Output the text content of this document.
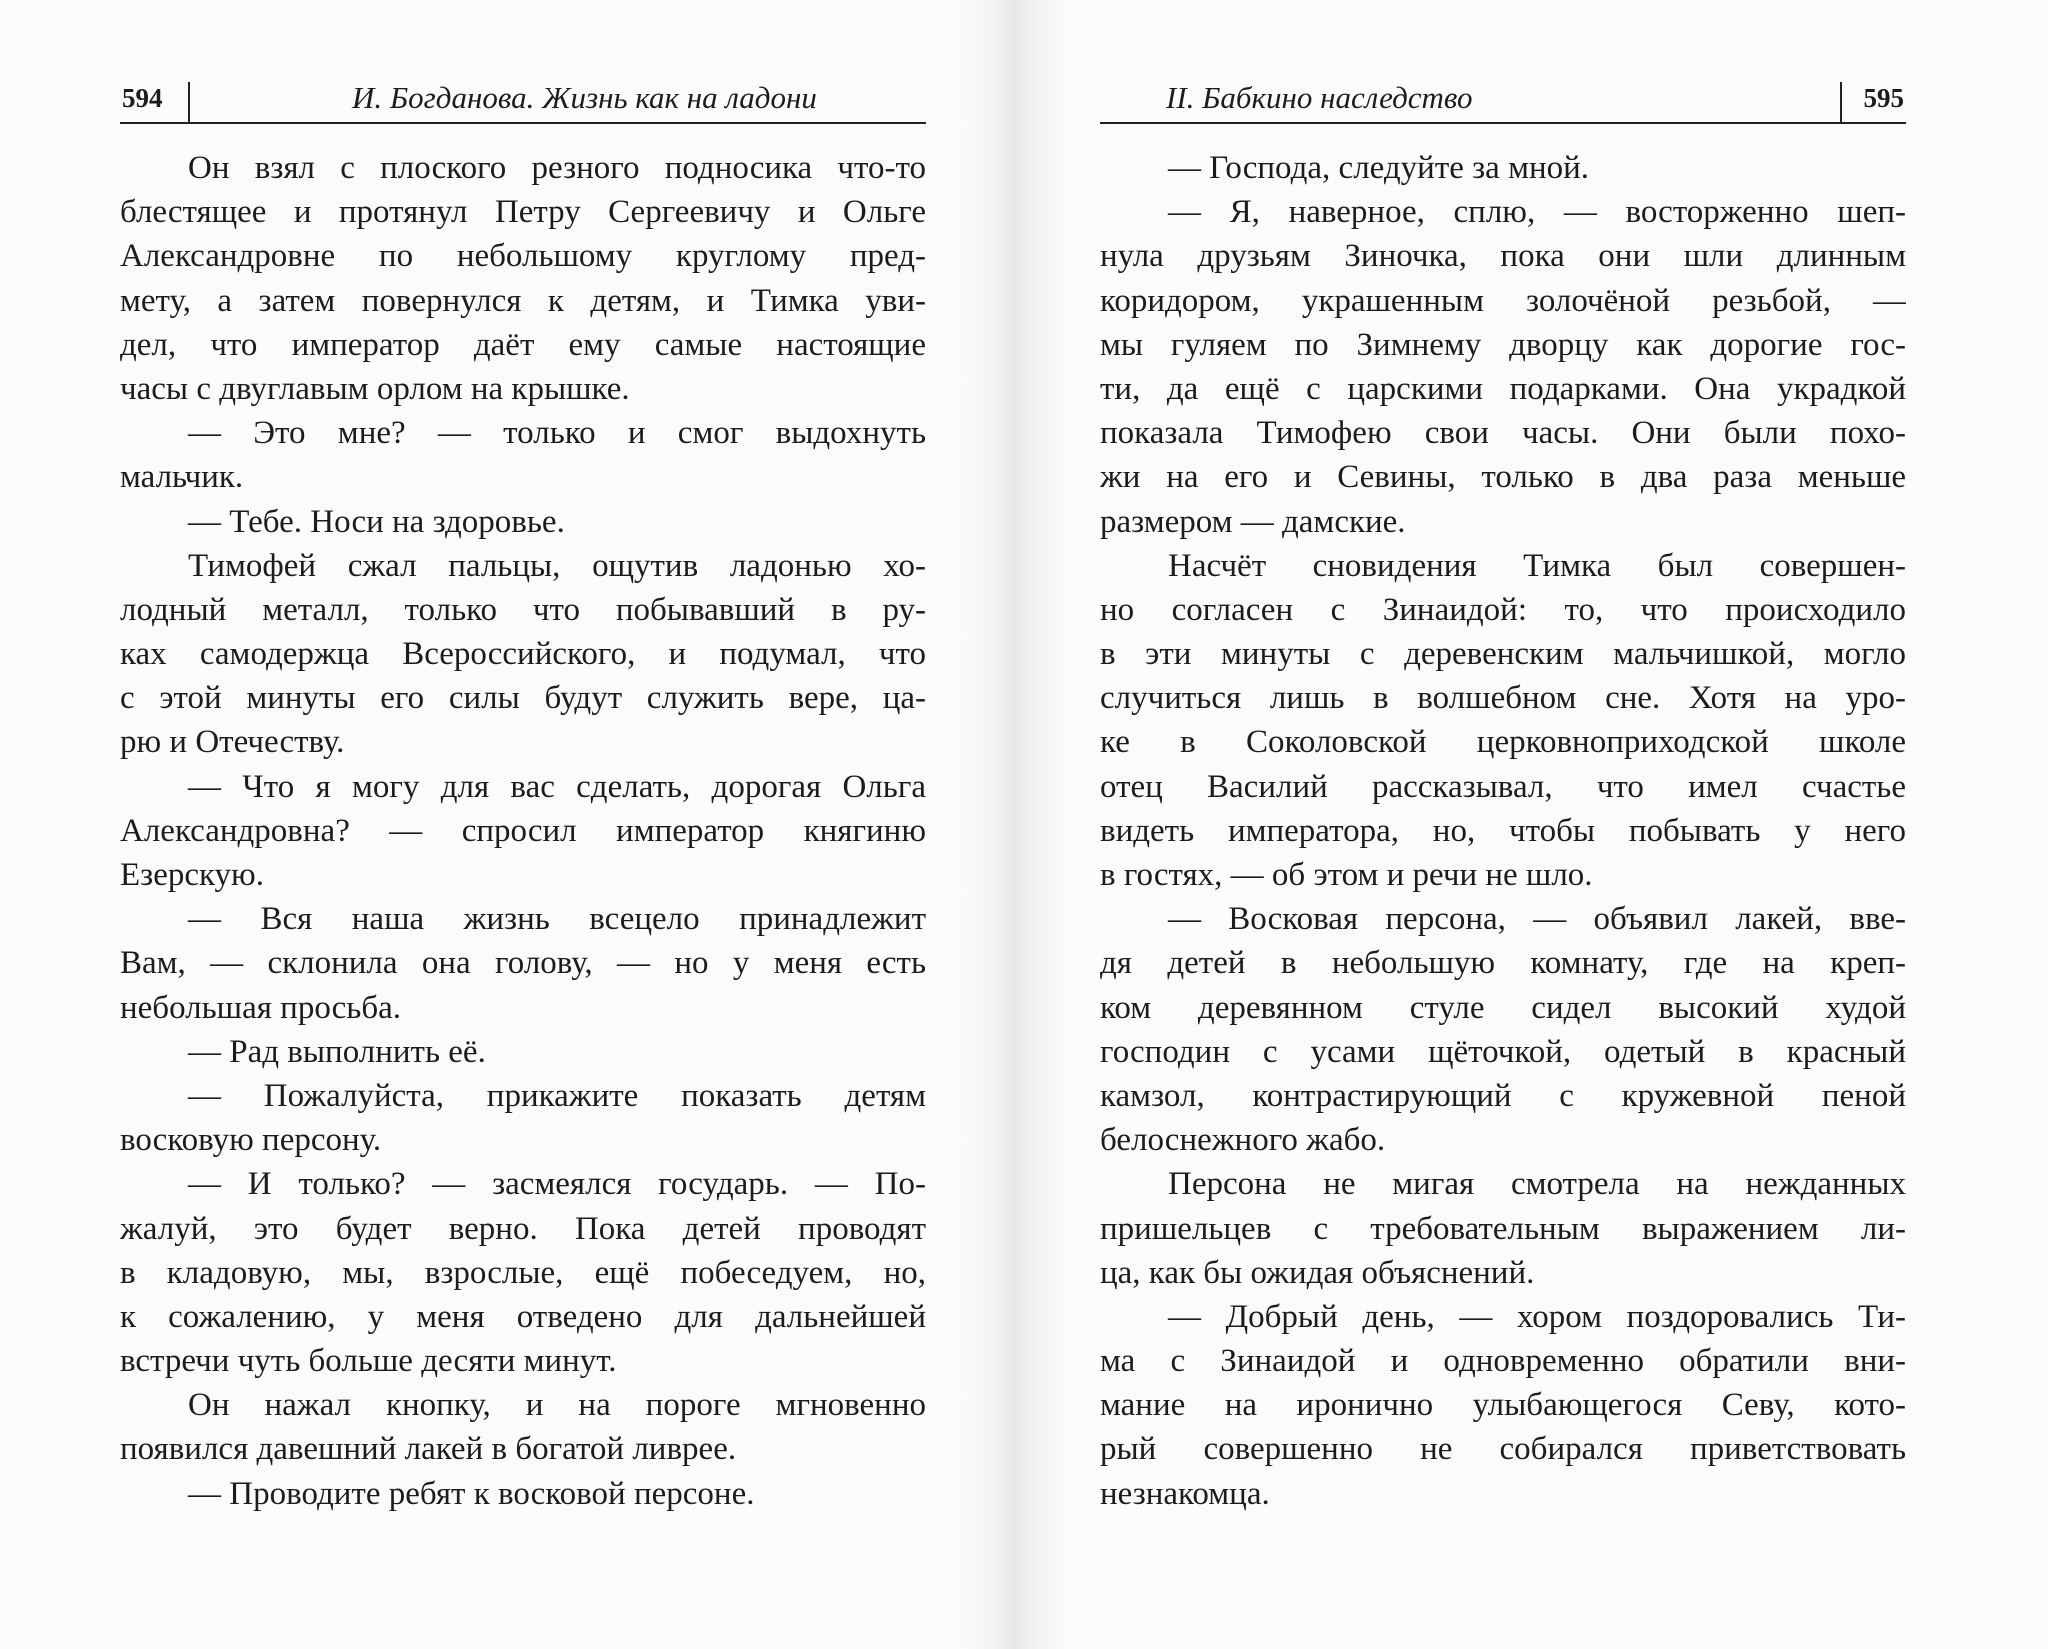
594	И. Богданова. Жизнь как на ладони
Он взял с плоского резного подносика что-то
блестящее и протянул Петру Сергеевичу и Ольге
Александровне по небольшому круглому пред-
мету, а затем повернулся к детям, и Тимка уви-
дел, что император даёт ему самые настоящие
часы с двуглавым орлом на крышке.
— Это мне? — только и смог выдохнуть
мальчик.
— Тебе. Носи на здоровье.
Тимофей сжал пальцы, ощутив ладонью хо-
лодный металл, только что побывавший в ру-
ках самодержца Всероссийского, и подумал, что
с этой минуты его силы будут служить вере, ца-
рю и Отечеству.
— Что я могу для вас сделать, дорогая Ольга
Александровна? — спросил император княгиню
Езерскую.
— Вся наша жизнь всецело принадлежит
Вам, — склонила она голову, — но у меня есть
небольшая просьба.
— Рад выполнить её.
— Пожалуйста, прикажите показать детям
восковую персону.
— И только? — засмеялся государь. — По-
жалуй, это будет верно. Пока детей проводят
в кладовую, мы, взрослые, ещё побеседуем, но,
к сожалению, у меня отведено для дальнейшей
встречи чуть больше десяти минут.
Он нажал кнопку, и на пороге мгновенно
появился давешний лакей в богатой ливрее.
— Проводите ребят к восковой персоне.
II. Бабкино наследство	595
— Господа, следуйте за мной.
— Я, наверное, сплю, — восторженно шеп-
нула друзьям Зиночка, пока они шли длинным
коридором, украшенным золочёной резьбой, —
мы гуляем по Зимнему дворцу как дорогие гос-
ти, да ещё с царскими подарками. Она украдкой
показала Тимофею свои часы. Они были похо-
жи на его и Севины, только в два раза меньше
размером — дамские.
Насчёт сновидения Тимка был совершен-
но согласен с Зинаидой: то, что происходило
в эти минуты с деревенским мальчишкой, могло
случиться лишь в волшебном сне. Хотя на уро-
ке в Соколовской церковноприходской школе
отец Василий рассказывал, что имел счастье
видеть императора, но, чтобы побывать у него
в гостях, — об этом и речи не шло.
— Восковая персона, — объявил лакей, вве-
дя детей в небольшую комнату, где на креп-
ком деревянном стуле сидел высокий худой
господин с усами щёточкой, одетый в красный
камзол, контрастирующий с кружевной пеной
белоснежного жабо.
Персона не мигая смотрела на нежданных
пришельцев с требовательным выражением ли-
ца, как бы ожидая объяснений.
— Добрый день, — хором поздоровались Ти-
ма с Зинаидой и одновременно обратили вни-
мание на иронично улыбающегося Севу, кото-
рый совершенно не собирался приветствовать
незнакомца.
